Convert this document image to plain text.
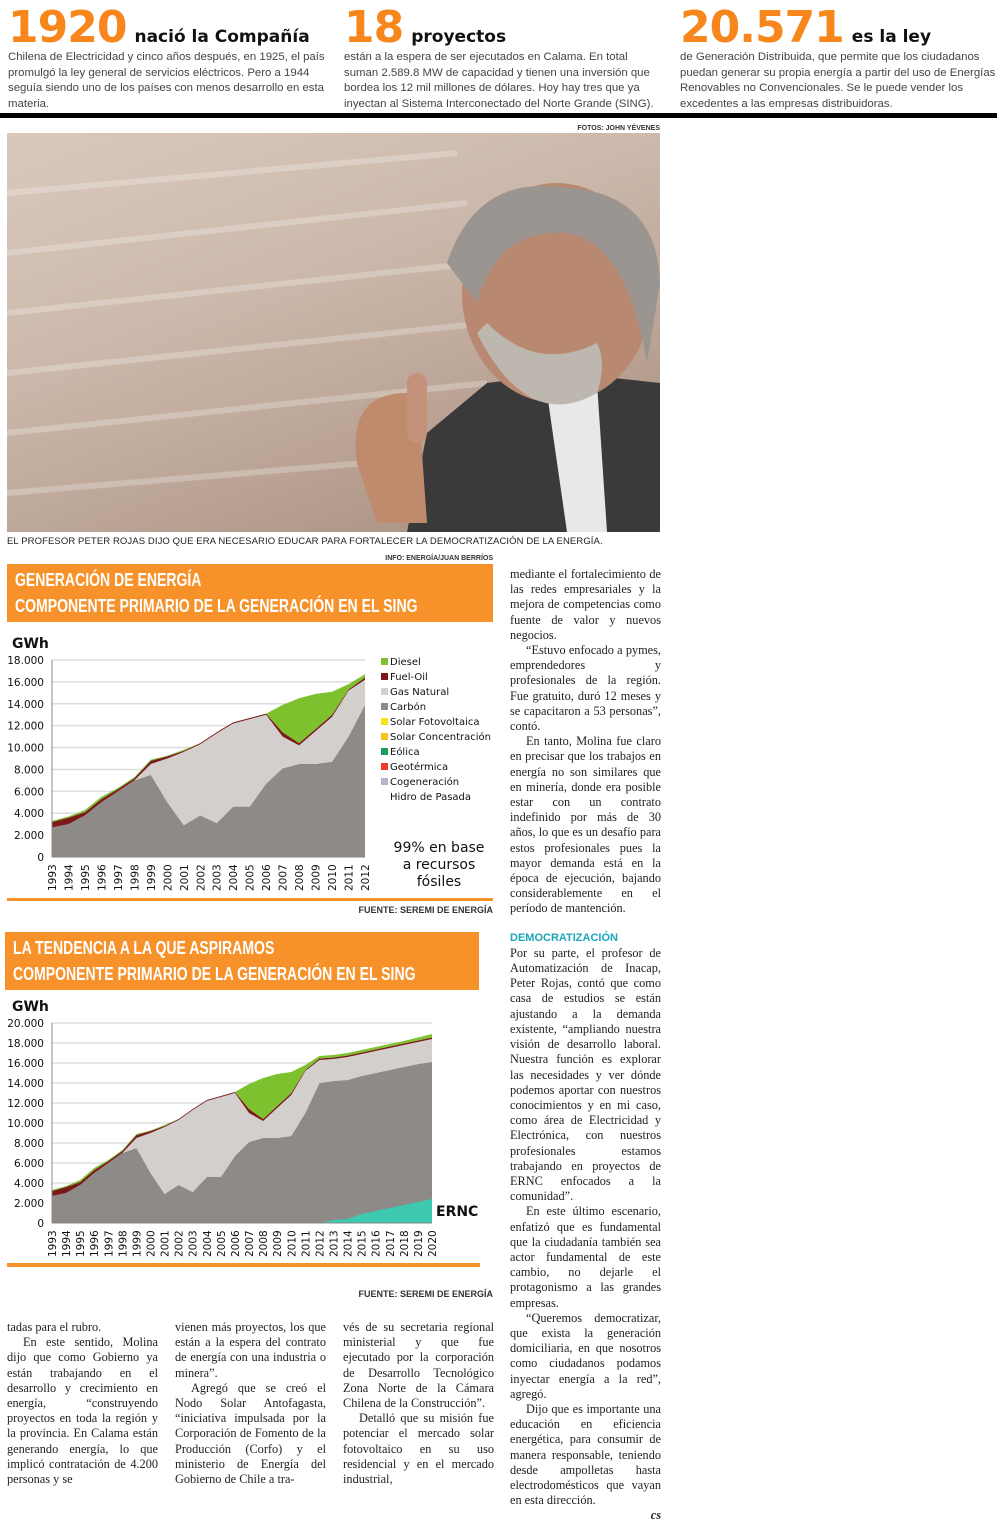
1920 nació la Compañía
Chilena de Electricidad y cinco años después, en 1925, el país promulgó la ley general de servicios eléctricos. Pero a 1944 seguía siendo uno de los países con menos desarrollo en esta materia.
18 proyectos
están a la espera de ser ejecutados en Calama. En total suman 2.589.8 MW de capacidad y tienen una inversión que bordea los 12 mil millones de dólares. Hoy hay tres que ya inyectan al Sistema Interconectado del Norte Grande (SING).
20.571 es la ley
de Generación Distribuida, que permite que los ciudadanos puedan generar su propia energía a partir del uso de Energías Renovables no Convencionales. Se le puede vender los excedentes a las empresas distribuidoras.
FOTOS: JOHN YÉVENES
EL PROFESOR PETER ROJAS DIJO QUE ERA NECESARIO EDUCAR PARA FORTALECER LA DEMOCRATIZACIÓN DE LA ENERGÍA.
INFO: ENERGÍA/JUAN BERRÍOS
GENERACIÓN DE ENERGÍA
COMPONENTE PRIMARIO DE LA GENERACIÓN EN EL SING
GWh
0
2.000
4.000
6.000
8.000
10.000
12.000
14.000
16.000
18.000
1993 1994 1995 1996 1997 1998 1999 2000 2001 2002 2003 2004 2005 2006 2007 2008 2009 2010 2011 2012
Diesel
Fuel-Oil
Gas Natural
Carbón
Solar Fotovoltaica
Solar Concentración
Eólica
Geotérmica
Cogeneración
Hidro de Pasada
99% en base
a recursos
fósiles
FUENTE: SEREMI DE ENERGÍA
LA TENDENCIA A LA QUE ASPIRAMOS
COMPONENTE PRIMARIO DE LA GENERACIÓN EN EL SING
GWh
0
2.000
4.000
6.000
8.000
10.000
12.000
14.000
16.000
18.000
20.000
1993 1994 1995 1996 1997 1998 1999 2000 2001 2002 2003 2004 2005 2006 2007 2008 2009 2010 2011 2012 2013 2014 2015 2016 2017 2018 2019 2020
ERNC
FUENTE: SEREMI DE ENERGÍA

mediante el fortalecimiento de las redes empresariales y la mejora de competencias como fuente de valor y nuevos negocios.

“Estuvo enfocado a pymes, emprendedores y profesionales de la región. Fue gratuito, duró 12 meses y se capacitaron a 53 personas”, contó.

En tanto, Molina fue claro en precisar que los trabajos en energía no son similares que en minería, donde era posible estar con un contrato indefinido por más de 30 años, lo que es un desafío para estos profesionales pues la mayor demanda está en la época de ejecución, bajando considerablemente en el período de mantención.

DEMOCRATIZACIÓN

Por su parte, el profesor de Automatización de Inacap, Peter Rojas, contó que como casa de estudios se están ajustando a la demanda existente, “ampliando nuestra visión de desarrollo laboral. Nuestra función es explorar las necesidades y ver dónde podemos aportar con nuestros conocimientos y en mi caso, como área de Electricidad y Electrónica, con nuestros profesionales estamos trabajando en proyectos de ERNC enfocados a la comunidad”.

En este último escenario, enfatizó que es fundamental que la ciudadanía también sea actor fundamental de este cambio, no dejarle el protagonismo a las grandes empresas.

“Queremos democratizar, que exista la generación domiciliaria, en que nosotros como ciudadanos podamos inyectar energía a la red”, agregó.

Dijo que es importante una educación en eficiencia energética, para consumir de manera responsable, teniendo desde ampolletas hasta electrodomésticos que vayan en esta dirección.

cs

tadas para el rubro.

En este sentido, Molina dijo que como Gobierno ya están trabajando en el desarrollo y crecimiento en energía, “construyendo proyectos en toda la región y la provincia. En Calama están generando energía, lo que implicó contratación de 4.200 personas y se

vienen más proyectos, los que están a la espera del contrato de energía con una industria o minera”.

Agregó que se creó el Nodo Solar Antofagasta, “iniciativa impulsada por la Corporación de Fomento de la Producción (Corfo) y el ministerio de Energía del Gobierno de Chile a tra-

vés de su secretaria regional ministerial y que fue ejecutado por la corporación de Desarrollo Tecnológico Zona Norte de la Cámara Chilena de la Construcción”.

Detalló que su misión fue potenciar el mercado solar fotovoltaico en su uso residencial y en el mercado industrial,
